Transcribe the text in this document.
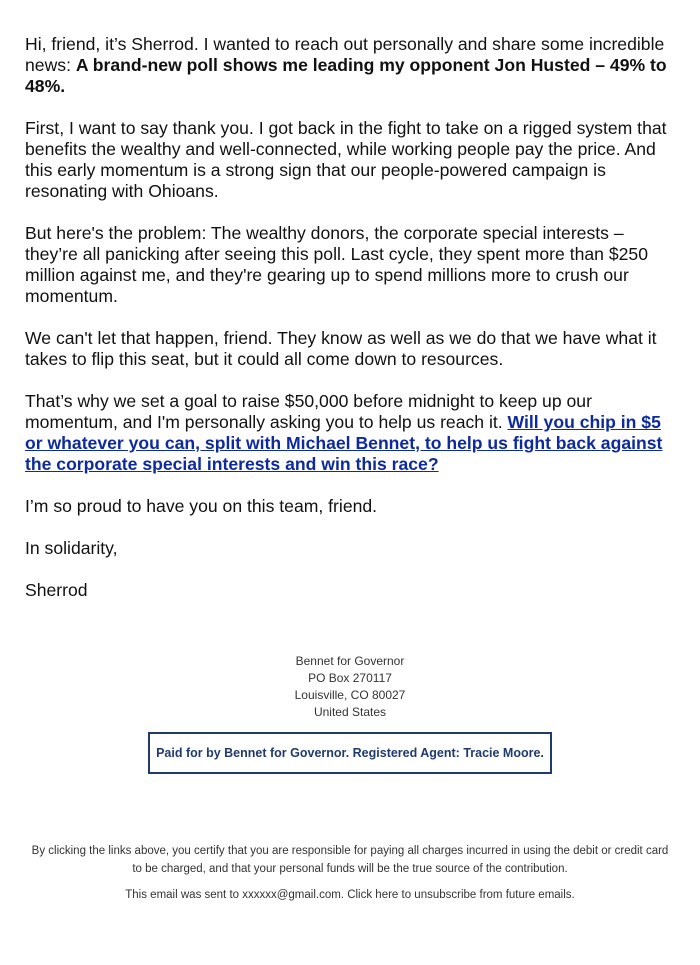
Hi, friend, it’s Sherrod. I wanted to reach out personally and share some incredible news: A brand-new poll shows me leading my opponent Jon Husted – 49% to 48%.

First, I want to say thank you. I got back in the fight to take on a rigged system that benefits the wealthy and well-connected, while working people pay the price. And this early momentum is a strong sign that our people-powered campaign is resonating with Ohioans.

But here's the problem: The wealthy donors, the corporate special interests – they’re all panicking after seeing this poll. Last cycle, they spent more than $250 million against me, and they're gearing up to spend millions more to crush our momentum.

We can't let that happen, friend. They know as well as we do that we have what it takes to flip this seat, but it could all come down to resources.

That’s why we set a goal to raise $50,000 before midnight to keep up our momentum, and I'm personally asking you to help us reach it. Will you chip in $5 or whatever you can, split with Michael Bennet, to help us fight back against the corporate special interests and win this race?

I’m so proud to have you on this team, friend.

In solidarity,

Sherrod

Bennet for Governor
PO Box 270117
Louisville, CO 80027
United States
Paid for by Bennet for Governor. Registered Agent: Tracie Moore.
By clicking the links above, you certify that you are responsible for paying all charges incurred in using the debit or credit card to be charged, and that your personal funds will be the true source of the contribution.
This email was sent to xxxxxx@gmail.com. Click here to unsubscribe from future emails.
